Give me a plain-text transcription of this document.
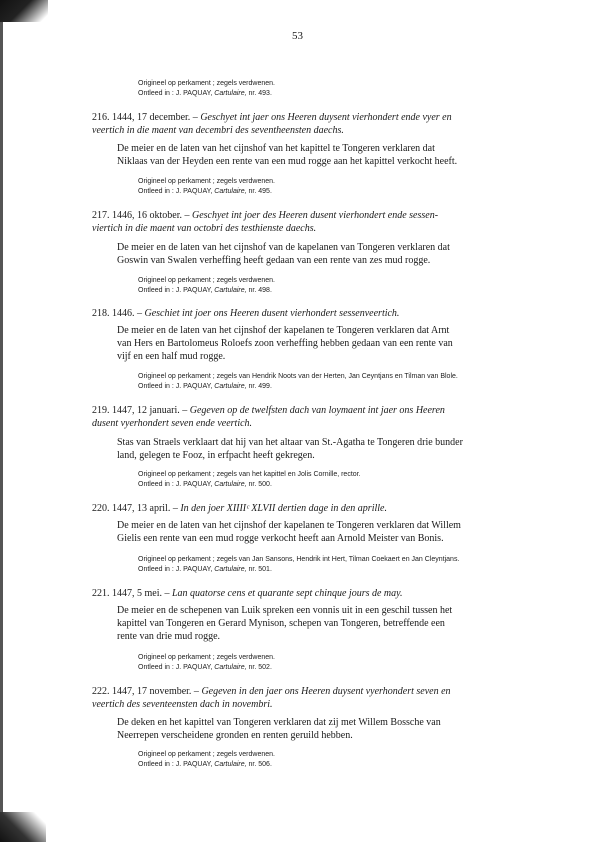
53
Origineel op perkament ; zegels verdwenen.
Ontleed in : J. PAQUAY, Cartulaire, nr. 493.
216. 1444, 17 december. – Geschyet int jaer ons Heeren duysent vierhondert ende vyer en
veertich in die maent van decembri des seventheensten daechs.
De meier en de laten van het cijnshof van het kapittel te Tongeren verklaren dat
Niklaas van der Heyden een rente van een mud rogge aan het kapittel verkocht heeft.
Origineel op perkament ; zegels verdwenen.
Ontleed in : J. PAQUAY, Cartulaire, nr. 495.
217. 1446, 16 oktober. – Geschyet int joer des Heeren dusent vierhondert ende sessen-
viertich in die maent van octobri des testhienste daechs.
De meier en de laten van het cijnshof van de kapelanen van Tongeren verklaren dat
Goswin van Swalen verheffing heeft gedaan van een rente van zes mud rogge.
Origineel op perkament ; zegels verdwenen.
Ontleed in : J. PAQUAY, Cartulaire, nr. 498.
218. 1446. – Geschiet int joer ons Heeren dusent vierhondert sessenveertich.
De meier en de laten van het cijnshof der kapelanen te Tongeren verklaren dat Arnt
van Hers en Bartolomeus Roloefs zoon verheffing hebben gedaan van een rente van
vijf en een half mud rogge.
Origineel op perkament ; zegels van Hendrik Noots van der Herten, Jan Ceyntjans en Tilman van Blole.
Ontleed in : J. PAQUAY, Cartulaire, nr. 499.
219. 1447, 12 januari. – Gegeven op de twelfsten dach van loymaent int jaer ons Heeren
dusent vyerhondert seven ende veertich.
Stas van Straels verklaart dat hij van het altaar van St.-Agatha te Tongeren drie bunder
land, gelegen te Fooz, in erfpacht heeft gekregen.
Origineel op perkament ; zegels van het kapittel en Jolis Cornille, rector.
Ontleed in : J. PAQUAY, Cartulaire, nr. 500.
220. 1447, 13 april. – In den joer XIIIIᶜ XLVII dertien dage in den aprille.
De meier en de laten van het cijnshof der kapelanen te Tongeren verklaren dat Willem
Gielis een rente van een mud rogge verkocht heeft aan Arnold Meister van Bonis.
Origineel op perkament ; zegels van Jan Sansons, Hendrik int Hert, Tilman Coekaert en Jan Cleyntjans.
Ontleed in : J. PAQUAY, Cartulaire, nr. 501.
221. 1447, 5 mei. – Lan quatorse cens et quarante sept chinque jours de may.
De meier en de schepenen van Luik spreken een vonnis uit in een geschil tussen het
kapittel van Tongeren en Gerard Mynison, schepen van Tongeren, betreffende een
rente van drie mud rogge.
Origineel op perkament ; zegels verdwenen.
Ontleed in : J. PAQUAY, Cartulaire, nr. 502.
222. 1447, 17 november. – Gegeven in den jaer ons Heeren duysent vyerhondert seven en
veertich des seventeensten dach in novembri.
De deken en het kapittel van Tongeren verklaren dat zij met Willem Bossche van
Neerrepen verscheidene gronden en renten geruild hebben.
Origineel op perkament ; zegels verdwenen.
Ontleed in : J. PAQUAY, Cartulaire, nr. 506.
